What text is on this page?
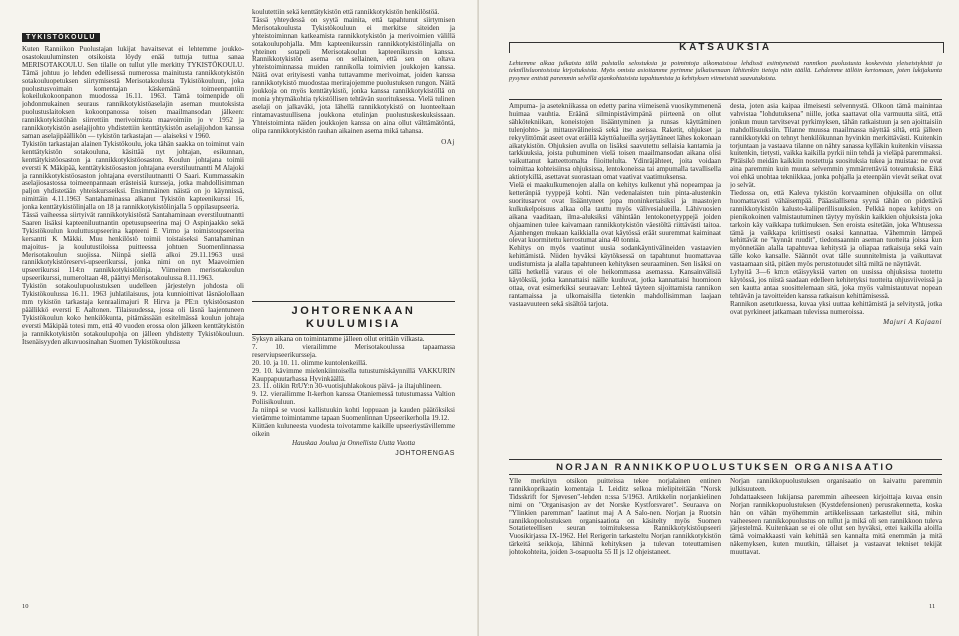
TYKISTÖKOULU
Kuten Ranniikon Puolustajan lukijat havaitsevat ei lehtemme joukko-osastokuuluminsten otsikoista löydy enää tuttuja tuttua sanaa MERISOTAKOULU. Sen tilalle on tullut ylle merkitty TYKISTÖKOULU. Tämä johtuu jo lehden edellisessä numerossa mainitusta rannikkotykistön sotakouluopetuksen siirtymisestä Merisotakoulusta Tykistökouluun, joka puolustusvoimain komentajan käskemänä toimeenpantiin kokeilukokoonpanon muodossa 16.11. 1963. Tämä toimenpide oli johdonmukainen seuraus rannikkotykistöaselajin aseman muutoksista puolustuslaitoksen kokoonpanossa toisen maailmansodan jälkeen: rannikkotykistöhän siirrettiin merivoimista maavoimiin jo v 1952 ja rannikkotykistön aselajijohto yhdistettiin kenttätykistön aselajijohdon kanssa saman aselajipäällikön — tykistön tarkastajan — alaiseksi v 1960.
Tykistön tarkastajan alainen Tykistökoulu, joka tähän saakka on toiminut vain kenttätykistön sotakouluna, käsittää nyt johtajan, esikunnan, kenttätykistöosaston ja rannikkotykistöosaston. Koulun johtajana toimii eversti K Mäkipää, kenttätykistöosaston johtajana everstiluutnantti M Alajoki ja rannikkotykistöosaston johtajana everstiluutnantti O Saari. Kummassakin aselajiosastossa toimeenpannaan erästeisiä kursseja, jotka mahdollisimman paljon yhdistetään yhteiskursseiksi. Ensimmäinen näistä on jo käynnissä, nimittäin 4.11.1963 Santahaminassa alkanut Tykistön kapteenikurssi 16, jonka kenttätykistölinjalla on 18 ja rannikkotykistölinjalla 5 oppilasupseeria.
Tässä vaiheessa siirtyivät rannikkotykistöstä Santahaminaan everstiluutnantti Saaren lisäksi kapteeniluutnantin opetusupseerina maj O Aspinjaakko sekä Tykistökoulun kouluttusupseerina kapteeni E Virmo ja toimistoupseerina kersantti K Mäkki. Muu henkilöstö toimii toistaiseksi Santahaminan majoitus- ja koulutustiloissa puitteessa johtuen Suomenlinnassa Merisotakoulun suojissa. Niinpä siellä alkoi 29.11.1963 uusi rannikkotykistöreservi-upseerikurssi, jonka nimi on nyt Maavoimien upseerikurssi 114:n rannikkotykistölinja. Viimeinen merisotakoulun upseerikurssi, numeroltaan 48, päättyi Merisotakoulussa 8.11.1963.
Tykistön sotakoulupuolustuksen uudelleen järjestelyn johdosta oli Tykistökoulussa 16.11. 1963 juhlatilaisuus, jota kunnioittivat läsnäolollaan mm tykistön tarkastaja kenraalimajuri R Hirva ja PE:n tykistöosaston päällikkö eversti E Aaltonen. Tilaisuudessa, jossa oli läsnä laajentuneen Tykistökoulun koko henkilökunta, pitämässään esitelmässä koulun johtaja eversti Mäkipää totesi mm, että 40 vuoden erossa olon jälkeen kenttätykistön ja rannikkotykistön sotakoulupohja on jälleen yhdistetty Tykistökouluun. Itsenäisyyden alkuvuosinahan Suomen Tykistökoulussa
koulutettiin sekä kenttätykistön että rannikkotykistön henkilöstöä.
Tässä yhteydessä on syytä mainita, että tapahtunut siirtymisen Merisotakoulusta Tykistökouluun ei merkitse siteiden ja yhteistoiminnan katkeamista rannikkotykistön ja merivoimien välillä sotakoulupohjalla. Mm kapteenikurssin rannikkotykistölinjalla on yhteinen sotapeli Merisotakoulun kapteenikurssin kanssa. Rannikkotykistön asema on sellainen, että sen on oltava yhteistoiminnassa muiden rannikolla toimivien joukkojen kanssa. Näitä ovat erityisesti vanha tuttavamme merivoimat, joiden kanssa rannikkotykistö muodostaa merirajojemme puolustuksen rungon. Näitä joukkoja on myös kenttätykistö, jonka kanssa rannikkotykistöllä on monia yhtymäkohtia tykistöllisen tehtävän suorituksessa. Vielä tulinen aselaji on jalkaväki, jota lähellä rannikkotykistö on luonteeltaan rintamavastuullisena joukkona etulinjan puolustuskeskuksissaan. Yhteistoiminta näiden joukkojen kanssa on aina ollut välttämätöntä, olipa rannikkotykistön rauhan aikainen asema mikä tahansa.
OAj
JOHTORENKAAN
KUULUMISIA
Syksyn aikana on toimintamme jälleen ollut erittäin vilkasta.
7. 10. vierailimme Merisotakoulussa tapaamassa reserviupseerikursseja.
20. 10. ja 10. 11. olimme kuntolenkeillä.
29. 10. kävimme mielenkiintoisella tutustumiskäynnillä VAKKURIN Kauppapuutarhassa Hyvinkäällä.
23. 11. olikin RtUY:n 30-vuotisjuhlakokous päivä- ja iltajuhlineen.
9. 12. vierailimme It-kerhon kanssa Otaniemessä tutustumassa Valtion Poliisikouluun.
Ja niinpä se vuosi kallistuukin kohti loppuaan ja kauden päätöksiksi vietämme toimintamme tapaan Suomenlinnan Upseerikerholla 19.12.
Kiittäen kuluneesta vuodesta toivotamme kaikille upseeriystävillemme oikein
Hauskaa Joulua ja Onnellista Uutta Vuotta
JOHTORENGAS
10
KATSAUKSIA
Lehtemme alkaa julkaista tällä palstalla selostuksia ja poimintoja ulkomaisissa lehdissä esiintyneistä rannikon puolustusta koskevista yleiseistykistä ja teknillisluontoisista kirjoituksista. Myös omista asioitamme pyrimme julkaisemaan lähitenkin tietoja näin täällä. Lehdemme tällöin kertomaan, joten lukijakunta pysynee entistä paremmin selvillä ajankohtaisista tapahtumista ja kehityksen viimeisistä saavutuksista.
Ampuma- ja asetekniikassa on edetty parina viimeisenä vuosikymmenenä huimaa vauhtia. Eräänä silminpistävimpänä piirteenä on ollut sähkötekniikan, koneistojen lisääntyminen ja runsas käyttäminen tulenjohto- ja mittausvälineissä sekä itse aseissa. Raketit, ohjukset ja rekyylittömät aseet ovat eräillä käyttöalueilla syrjäyttäneet lähes kokonaan aikatykistön. Ohjuksien avulla on lisäksi saavutettu sellaisia kantamia ja tarkkuuksia, joista puhuminen vielä toisen maailmansodan aikana olisi vaikuttanut katteettomalta fiioittelulta. Ydinräjähteet, joita voidaan toimittaa kohteisiinsa ohjuksissa, lentokoneissa tai ampumalla tavallisella aktiotykillä, asettavat suorastaan omat vaativat vaatimuksensa.
Vielä ei maakulkumenojen alalla on kehitys kulkenut yhä nopeampaa ja ketteränpiä tyyppejä kohti. Nän vedenalaisten tuin pinta-alustenkin suoritusarvot ovat lisääntyneet jopa moninkertaisiksi ja maastojen kulkukelpoisuus alkaa olla tauttu myös välivesialueilla. Lähivuosien aikana vaaditaan, ilma-aluksiksi vähintään lentokonetyyppejä joiden ohjaaminen tulee kaivamaan rannikkotykistön väestöltä riittävästi taitoa. Ajanhengen mukaan kaikkialla ovat käytössä eräät suuremmat kaiminaat olevat kuormitettu kerrostumat aina 40 tonnia.
Kehitys on myös vaatinut uusia sodankäyntivälineiden vastaavien kehittämistä. Niiden hyväksi käytöksessä on tapahtunut huomattavaa uudistumista ja alalla tapahtuneen kehityksen seuraaminen. Sen lisäksi on tällä hetkellä varaus ei ole heikommassa asemassa. Kansainvälisiä käytöksiä, jotka kannattaisi näille kuuluvat, jotka kannattaisi huomioon ottaa, ovat esimerkiksi seuraavan: Lehteä täyteen sijoittamista rannikon rantamaissa ja ulkomaisilla tietenkin mahdollisimman laajaan vastaavuuteen sekä sisältöä tarjota.
desta, joten asia kaipaa ilmeisesti selvennystä. Olkoon tämä mainintaa vahvistaa "lohdutuksena" niille, jotka saattavat olla varmuutta siitä, että jonkun muun tarvitsevat pyrkimyksen, tähän ratkaistuun ja sen ajoittaisiin mahdollisuuksiin. Tilanne muussa maailmassa näyttää siltä, että jälleen rannikkotykki on tehnyt henkilökunnan hyvinkin merkittävästi. Kuitenkin torjuntaan ja vastaava tilanne on nähty sanassa kylläkin kuitenkin viisassa kuitenkin, tietysti, vaikka kaikilla pyrkii niin tehdä ja vieläpä paremmaksi. Pitäisikö meidän kaikkiin nostettuja suosituksia tukea ja muistaa: ne ovat aina paremmin kuin muuta selvemmin ymmärrettäviä toteamuksia. Eikä voi ehkä unohtaa tekniikkaa, jonka pohjalla ja eteenpäin vievät seikat ovat jo selvät.
Tiedossa on, että Kaleva tykistön korvaaminen ohjuksilla on ollut huomattavasti vähäisempää. Pääasiallisena syynä tähän on pidettävä rannikkotykistön kalusto-kaliiperillisuuksien. Pelkkä nopea kehitys on pienikokoinen valmistautuminen täytyy myöskin kaikkien ohjuksista joka tarkoin käy vaikkapa tutkimuksen. Sen eroista esitetään, joka Whtusessa tämä ja vaikkapa kriittisesti osaksi kannattaa. Vähemmin lämpeä kehittävät ne "kynnät ruudit", tiedonsaannin aseman tuotteita joissa kun myönnetään alalla tapahtuvaa kehitystä ja oliapaa ratkaisuja sekä vain tälle koko kansalle. Säännöt ovat tälle suunnitelmista ja vaikuttavat vastaamaan sitä, pitäen myös perustotuudet siltä miltä ne näyttävät.
Lyhyitä 3—6 km:n etäisyyksiä varten on uusissa ohjuksissa tuotettu käytössä, jos niistä saadaan edelleen kehitetyksi tuotteita ohjusviiveissä ja sen kautta antaa suosittelemaan sitä, joka myös valmistautuvat nopean tehtävän ja tavoitteiden kanssa ratkaisun kehittämisessä.
Rannikon asetutkuessa, kuvaa yksi uuttaa kehittämistä ja selvitystä, jotka ovat pyrkineet jatkamaan tulevissa numeroissa.
Majuri A Kajaani
NORJAN RANNIKKOPUOLUSTUKSEN ORGANISAATIO
Ylle merkityn otsikon puitteissa tekee norjalainen entinen rannikkoprikaatin komentaja L Leiditz selkoa mielipiteitään "Norsk Tidsskrift for Sjøvesen"-lehden n:ssa 5/1963. Artikkelin norjankielinen nimi on "Organisasjon av det Norske Kystforsvaret". Seuraava on "Ylinkien paremman" laatinut maj A A Salo-nen. Norjan ja Ruotsin rannikkopuolustuksen organisaatiota on käsitelty myös Suomen Sotatieteellisen seuran toimituksessa Rannikkotykistöupseeri Vuosikirjassa IX-1962. Hel Rerigerin tarkasteltu Norjan rannikkotykistön tärkeitä seikkoja, lähinnä kehityksen ja tulevan toteuttamisen johtokohteita, joiden 3-osapuolta 55 II js 12 ohjeistaneet.
Norjan rannikkopuolustuksen organisaatio on kaivattu paremmin julkisuuteen.
Johdattaakseen lukijansa paremmin aiheeseen kirjoittaja kuvaa ensin Norjan rannikkopuolustuksen (Kystdefensionen) perusrakennetta, koska hän on vähän myöhemmin artikkelissaan tarkastellut sitä, mihin vaiheeseen rannikkopuolustus on tullut ja mikä oli sen rannikkoon tuleva järjestelmä. Kuitenkaan se ei ole ollut sen hyväksi, ettei kaikilla aloilla tämä voimakkaasti vain kehittää sen kannalta mitä enemmän ja mitä näkemyksen, kuten muutkin, tällaiset ja vastaavat tekniset tekijät muuttavat.
11
